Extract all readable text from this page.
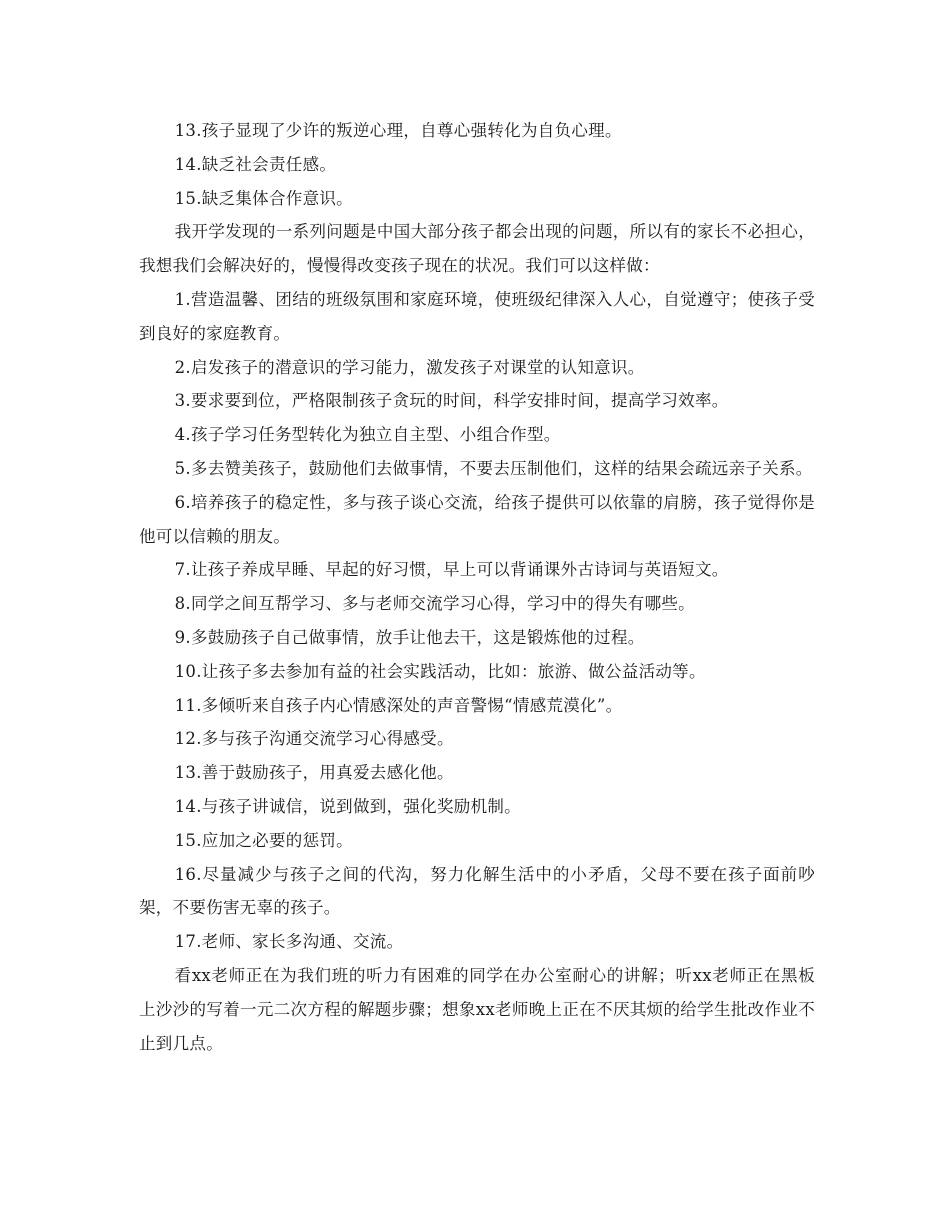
13.孩子显现了少许的叛逆心理，自尊心强转化为自负心理。

14.缺乏社会责任感。

15.缺乏集体合作意识。

我开学发现的一系列问题是中国大部分孩子都会出现的问题，所以有的家长不必担心，我想我们会解决好的，慢慢得改变孩子现在的状况。我们可以这样做：

1.营造温馨、团结的班级氛围和家庭环境，使班级纪律深入人心，自觉遵守；使孩子受到良好的家庭教育。

2.启发孩子的潜意识的学习能力，激发孩子对课堂的认知意识。

3.要求要到位，严格限制孩子贪玩的时间，科学安排时间，提高学习效率。

4.孩子学习任务型转化为独立自主型、小组合作型。

5.多去赞美孩子，鼓励他们去做事情，不要去压制他们，这样的结果会疏远亲子关系。

6.培养孩子的稳定性，多与孩子谈心交流，给孩子提供可以依靠的肩膀，孩子觉得你是他可以信赖的朋友。

7.让孩子养成早睡、早起的好习惯，早上可以背诵课外古诗词与英语短文。

8.同学之间互帮学习、多与老师交流学习心得，学习中的得失有哪些。

9.多鼓励孩子自己做事情，放手让他去干，这是锻炼他的过程。

10.让孩子多去参加有益的社会实践活动，比如：旅游、做公益活动等。

11.多倾听来自孩子内心情感深处的声音警惕“情感荒漠化”。

12.多与孩子沟通交流学习心得感受。

13.善于鼓励孩子，用真爱去感化他。

14.与孩子讲诚信，说到做到，强化奖励机制。

15.应加之必要的惩罚。

16.尽量减少与孩子之间的代沟，努力化解生活中的小矛盾，父母不要在孩子面前吵架，不要伤害无辜的孩子。

17.老师、家长多沟通、交流。

看xx老师正在为我们班的听力有困难的同学在办公室耐心的讲解；听xx老师正在黑板上沙沙的写着一元二次方程的解题步骤；想象xx老师晚上正在不厌其烦的给学生批改作业不止到几点。
